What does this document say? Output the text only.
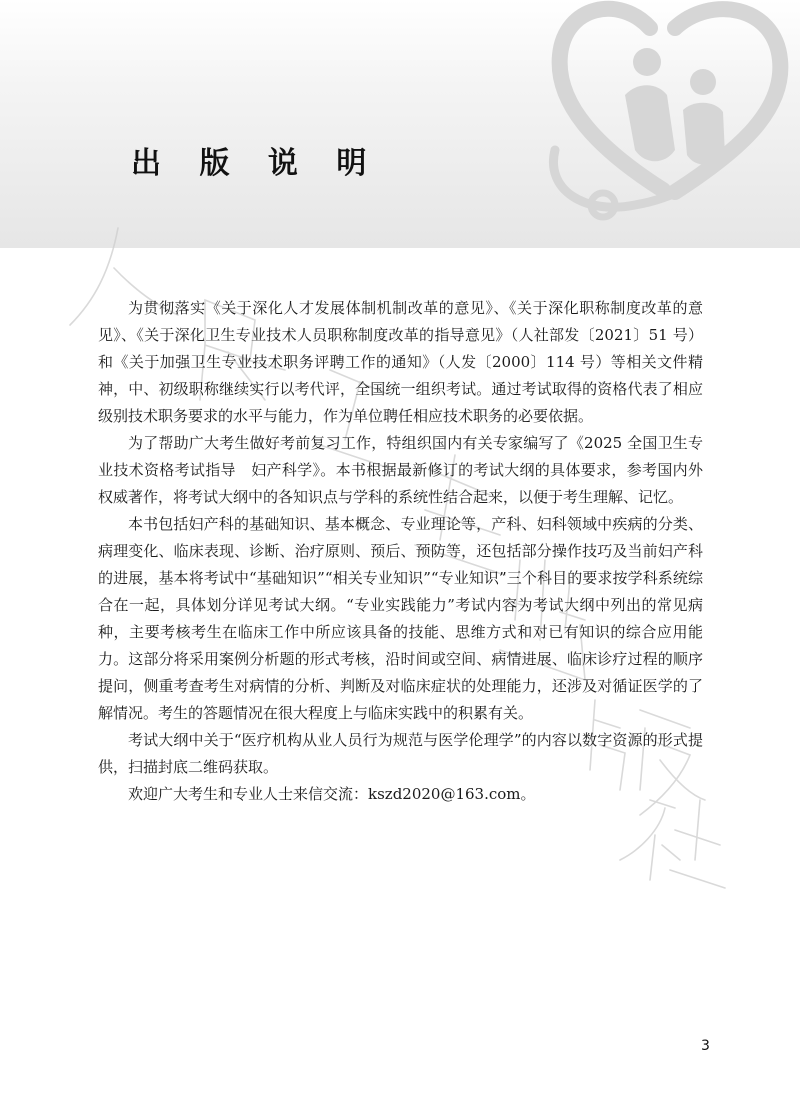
出 版 说 明

为贯彻落实《关于深化人才发展体制机制改革的意见》、《关于深化职称制度改革的意见》、《关于深化卫生专业技术人员职称制度改革的指导意见》（人社部发〔2021〕51 号）和《关于加强卫生专业技术职务评聘工作的通知》（人发〔2000〕114 号）等相关文件精神，中、初级职称继续实行以考代评，全国统一组织考试。通过考试取得的资格代表了相应级别技术职务要求的水平与能力，作为单位聘任相应技术职务的必要依据。

为了帮助广大考生做好考前复习工作，特组织国内有关专家编写了《2025 全国卫生专业技术资格考试指导　妇产科学》。本书根据最新修订的考试大纲的具体要求，参考国内外权威著作，将考试大纲中的各知识点与学科的系统性结合起来，以便于考生理解、记忆。

本书包括妇产科的基础知识、基本概念、专业理论等，产科、妇科领域中疾病的分类、病理变化、临床表现、诊断、治疗原则、预后、预防等，还包括部分操作技巧及当前妇产科的进展，基本将考试中“基础知识”“相关专业知识”“专业知识”三个科目的要求按学科系统综合在一起，具体划分详见考试大纲。“专业实践能力”考试内容为考试大纲中列出的常见病种，主要考核考生在临床工作中所应该具备的技能、思维方式和对已有知识的综合应用能力。这部分将采用案例分析题的形式考核，沿时间或空间、病情进展、临床诊疗过程的顺序提问，侧重考查考生对病情的分析、判断及对临床症状的处理能力，还涉及对循证医学的了解情况。考生的答题情况在很大程度上与临床实践中的积累有关。

考试大纲中关于“医疗机构从业人员行为规范与医学伦理学”的内容以数字资源的形式提供，扫描封底二维码获取。

欢迎广大考生和专业人士来信交流：kszd2020@163.com。

3
